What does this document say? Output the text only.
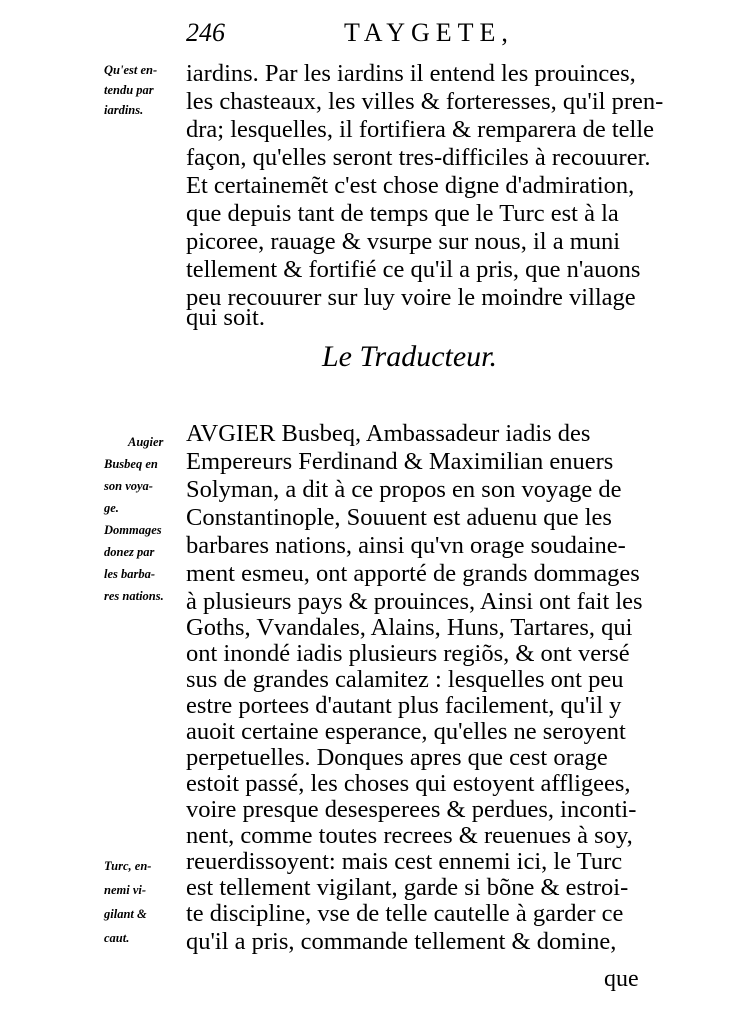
246	TAYGETE,
Qu'est en-
tendu par
iardins.
iardins. Par les iardins il entend les prouinces,
les chasteaux, les villes & forteresses, qu'il pren-
dra; lesquelles, il fortifiera & remparera de telle
façon, qu'elles seront tres-difficiles à recouurer.
Et certainemẽt c'est chose digne d'admiration,
que depuis tant de temps que le Turc est à la
picoree, rauage & vsurpe sur nous, il a muni
tellement & fortifié ce qu'il a pris, que n'auons
peu recouurer sur luy voire le moindre village
qui soit.
Le Traducteur.
Augier
Busbeq en
son voya-
ge.
Dommages
donez par
les barba-
res nations.
AVGIER Busbeq, Ambassadeur iadis des
Empereurs Ferdinand & Maximilian enuers
Solyman, a dit à ce propos en son voyage de
Constantinople, Souuent est aduenu que les
barbares nations, ainsi qu'vn orage soudaine-
ment esmeu, ont apporté de grands dommages
à plusieurs pays & prouinces, Ainsi ont fait les
Goths, Vvandales, Alains, Huns, Tartares, qui
ont inondé iadis plusieurs regiõs, & ont versé
sus de grandes calamitez : lesquelles ont peu
estre portees d'autant plus facilement, qu'il y
auoit certaine esperance, qu'elles ne seroyent
perpetuelles. Donques apres que cest orage
estoit passé, les choses qui estoyent affligees,
voire presque desesperees & perdues, inconti-
nent, comme toutes recrees & reuenues à soy,
reuerdissoyent: mais cest ennemi ici, le Turc
est tellement vigilant, garde si bõne & estroi-
te discipline, vse de telle cautelle à garder ce
qu'il a pris, commande tellement & domine,
Turc, en-
nemi vi-
gilant &
caut.
que
